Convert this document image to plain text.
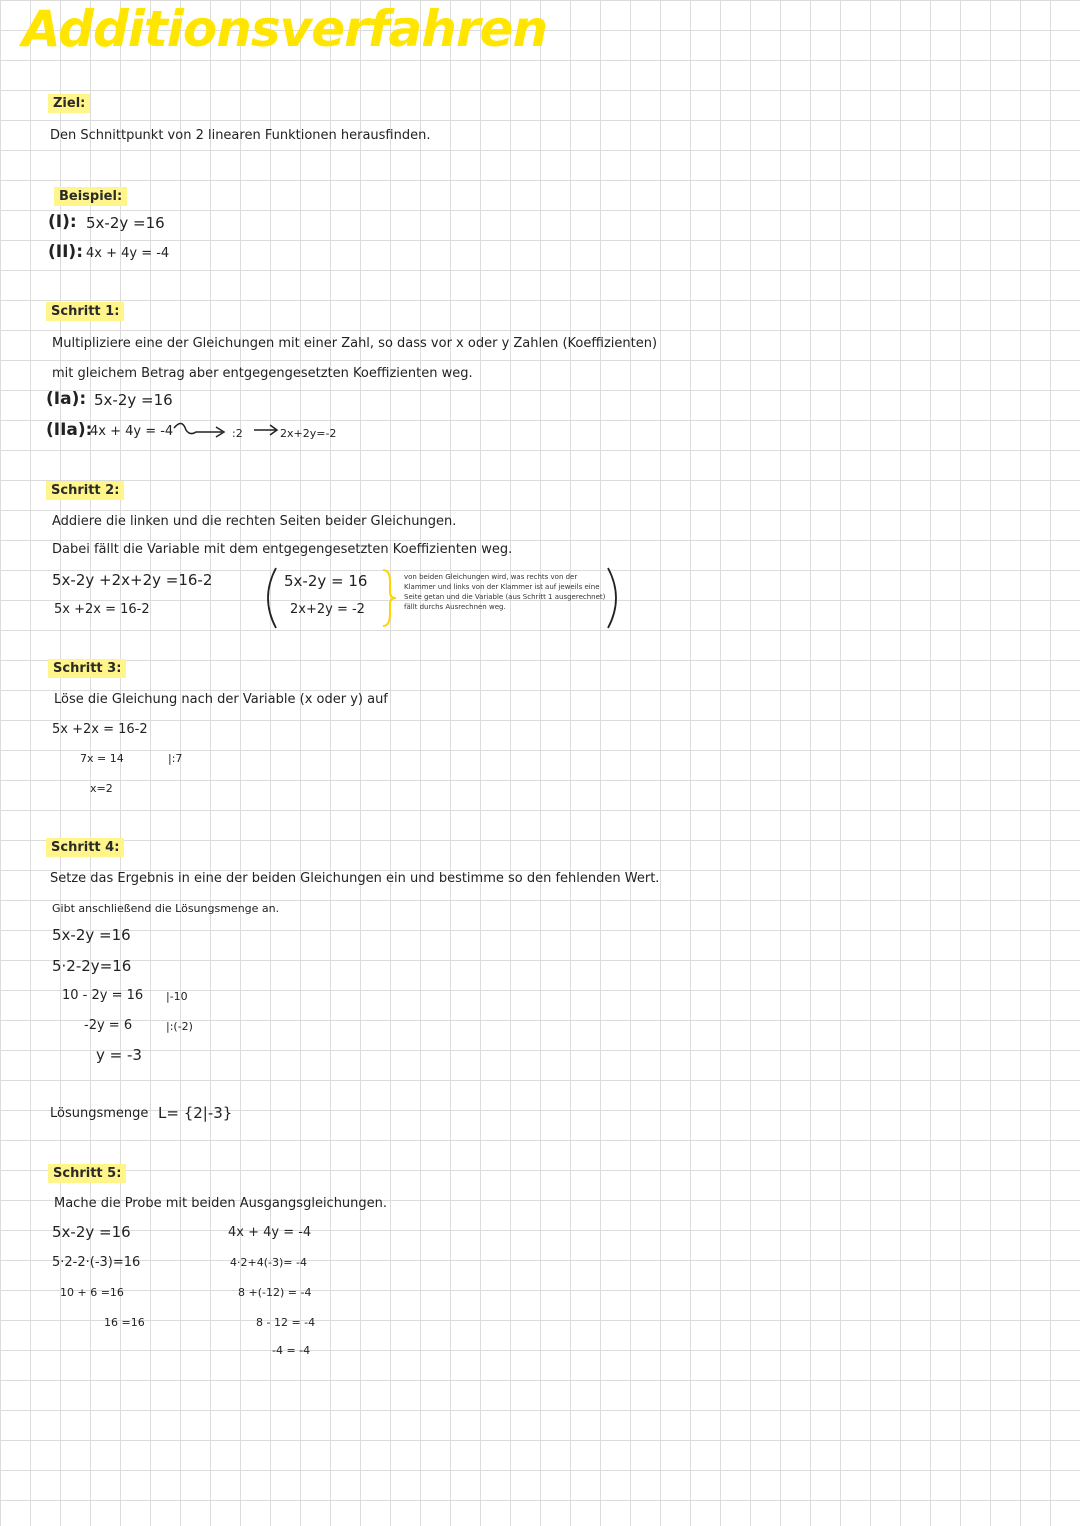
Additionsverfahren
Ziel:
Den Schnittpunkt von 2 linearen Funktionen herausfinden.
Beispiel:
(I): 5x-2y =16
(II): 4x + 4y = -4
Schritt 1:
Multipliziere eine der Gleichungen mit einer Zahl, so dass vor x oder y Zahlen (Koeffizienten)
mit gleichem Betrag aber entgegengesetzten Koeffizienten weg.
(Ia): 5x-2y =16
(IIa):
4x + 4y = -4	:2	2x+2y=-2
Schritt 2:
Addiere die linken und die rechten Seiten beider Gleichungen.
Dabei fällt die Variable mit dem entgegengesetzten Koeffizienten weg.
5x-2y +2x+2y =16-2
5x +2x = 16-2
5x-2y = 16
2x+2y = -2
von beiden Gleichungen wird, was rechts von der Klammer und links von der Klammer ist auf jeweils eine Seite getan und die Variable (aus Schritt 1 ausgerechnet) fällt durchs Ausrechnen weg.
Schritt 3:
Löse die Gleichung nach der Variable (x oder y) auf
5x +2x = 16-2
7x = 14	|:7
x=2
Schritt 4:
Setze das Ergebnis in eine der beiden Gleichungen ein und bestimme so den fehlenden Wert.
Gibt anschließend die Lösungsmenge an.
5x-2y =16
5·2-2y=16
10 - 2y = 16 |-10
-2y = 6	|:(-2)
y = -3
Lösungsmenge L= {2|-3}
Schritt 5:
Mache die Probe mit beiden Ausgangsgleichungen.
5x-2y =16
5·2-2·(-3)=16
10 + 6 =16
16 =16
4x + 4y = -4
4·2+4(-3)= -4
8 +(-12) = -4
8 - 12 = -4
-4 = -4
